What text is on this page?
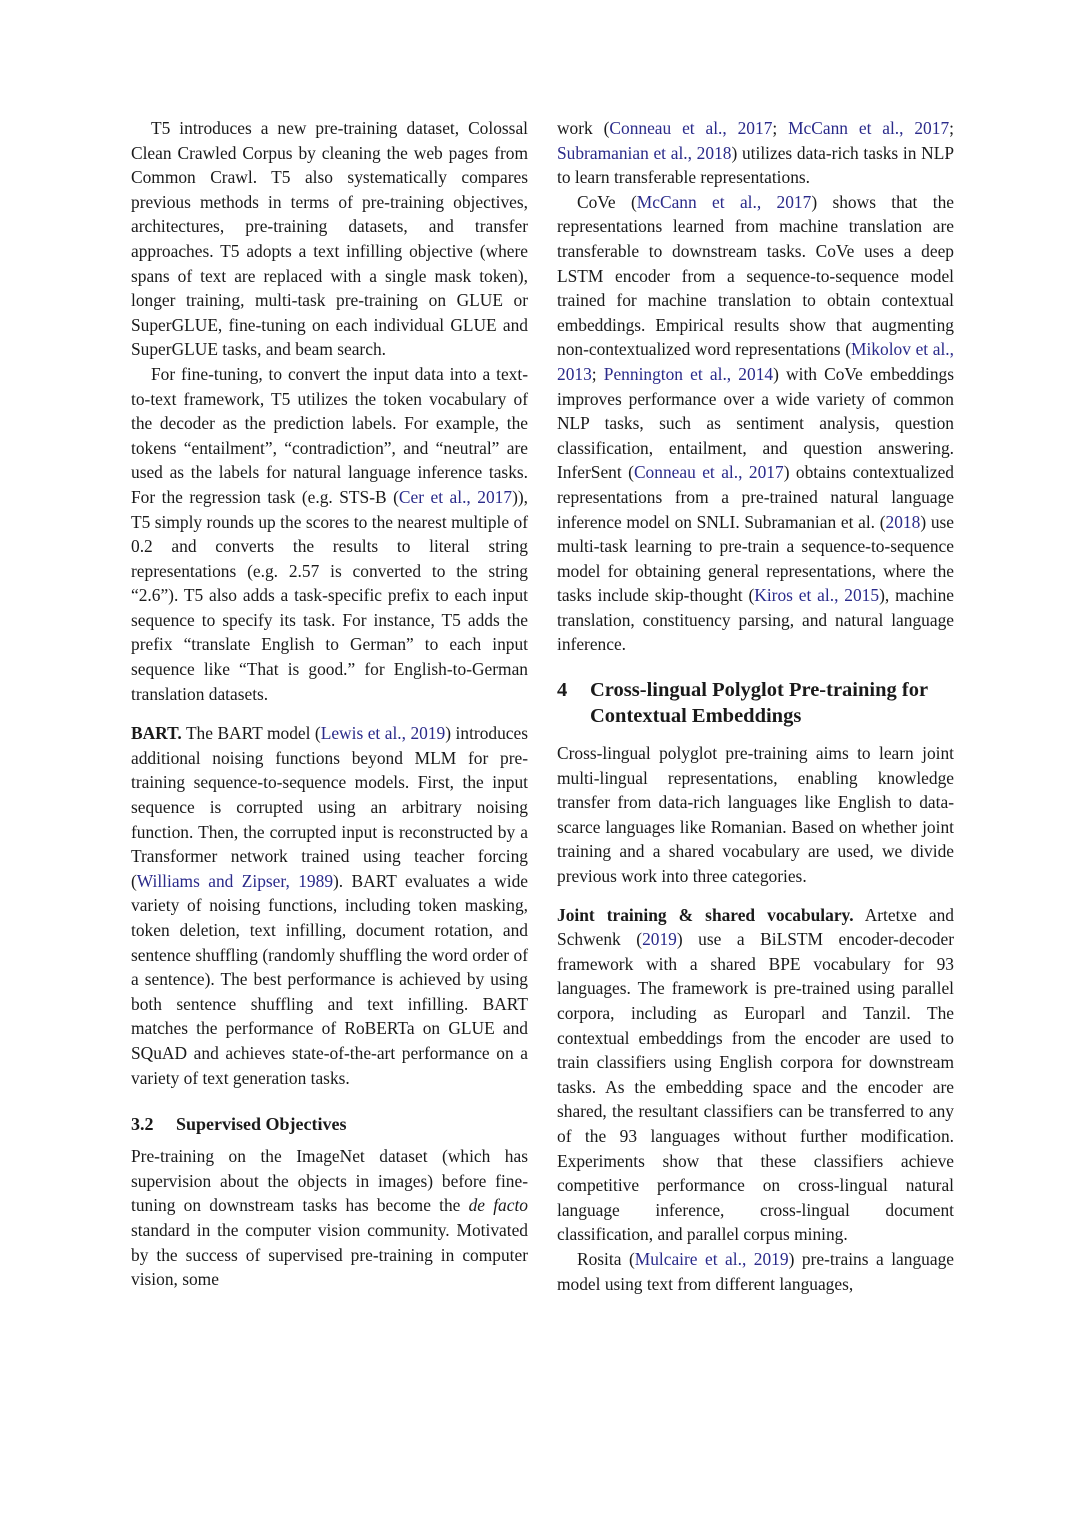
T5 introduces a new pre-training dataset, Colossal Clean Crawled Corpus by cleaning the web pages from Common Crawl. T5 also systematically compares previous methods in terms of pre-training objectives, architectures, pre-training datasets, and transfer approaches. T5 adopts a text infilling objective (where spans of text are replaced with a single mask token), longer training, multi-task pre-training on GLUE or SuperGLUE, fine-tuning on each individual GLUE and SuperGLUE tasks, and beam search.

For fine-tuning, to convert the input data into a text-to-text framework, T5 utilizes the token vocabulary of the decoder as the prediction labels. For example, the tokens “entailment”, “contradiction”, and “neutral” are used as the labels for natural language inference tasks. For the regression task (e.g. STS-B (Cer et al., 2017)), T5 simply rounds up the scores to the nearest multiple of 0.2 and converts the results to literal string representations (e.g. 2.57 is converted to the string “2.6”). T5 also adds a task-specific prefix to each input sequence to specify its task. For instance, T5 adds the prefix “translate English to German” to each input sequence like “That is good.” for English-to-German translation datasets.

BART. The BART model (Lewis et al., 2019) introduces additional noising functions beyond MLM for pre-training sequence-to-sequence models. First, the input sequence is corrupted using an arbitrary noising function. Then, the corrupted input is reconstructed by a Transformer network trained using teacher forcing (Williams and Zipser, 1989). BART evaluates a wide variety of noising functions, including token masking, token deletion, text infilling, document rotation, and sentence shuffling (randomly shuffling the word order of a sentence). The best performance is achieved by using both sentence shuffling and text infilling. BART matches the performance of RoBERTa on GLUE and SQuAD and achieves state-of-the-art performance on a variety of text generation tasks.

3.2 Supervised Objectives

Pre-training on the ImageNet dataset (which has supervision about the objects in images) before fine-tuning on downstream tasks has become the de facto standard in the computer vision community. Motivated by the success of supervised pre-training in computer vision, some

work (Conneau et al., 2017; McCann et al., 2017; Subramanian et al., 2018) utilizes data-rich tasks in NLP to learn transferable representations.

CoVe (McCann et al., 2017) shows that the representations learned from machine translation are transferable to downstream tasks. CoVe uses a deep LSTM encoder from a sequence-to-sequence model trained for machine translation to obtain contextual embeddings. Empirical results show that augmenting non-contextualized word representations (Mikolov et al., 2013; Pennington et al., 2014) with CoVe embeddings improves performance over a wide variety of common NLP tasks, such as sentiment analysis, question classification, entailment, and question answering. InferSent (Conneau et al., 2017) obtains contextualized representations from a pre-trained natural language inference model on SNLI. Subramanian et al. (2018) use multi-task learning to pre-train a sequence-to-sequence model for obtaining general representations, where the tasks include skip-thought (Kiros et al., 2015), machine translation, constituency parsing, and natural language inference.

4	Cross-lingual Polyglot Pre-training for Contextual Embeddings

Cross-lingual polyglot pre-training aims to learn joint multi-lingual representations, enabling knowledge transfer from data-rich languages like English to data-scarce languages like Romanian. Based on whether joint training and a shared vocabulary are used, we divide previous work into three categories.

Joint training & shared vocabulary. Artetxe and Schwenk (2019) use a BiLSTM encoder-decoder framework with a shared BPE vocabulary for 93 languages. The framework is pre-trained using parallel corpora, including as Europarl and Tanzil. The contextual embeddings from the encoder are used to train classifiers using English corpora for downstream tasks. As the embedding space and the encoder are shared, the resultant classifiers can be transferred to any of the 93 languages without further modification. Experiments show that these classifiers achieve competitive performance on cross-lingual natural language inference, cross-lingual document classification, and parallel corpus mining.

Rosita (Mulcaire et al., 2019) pre-trains a language model using text from different languages,
